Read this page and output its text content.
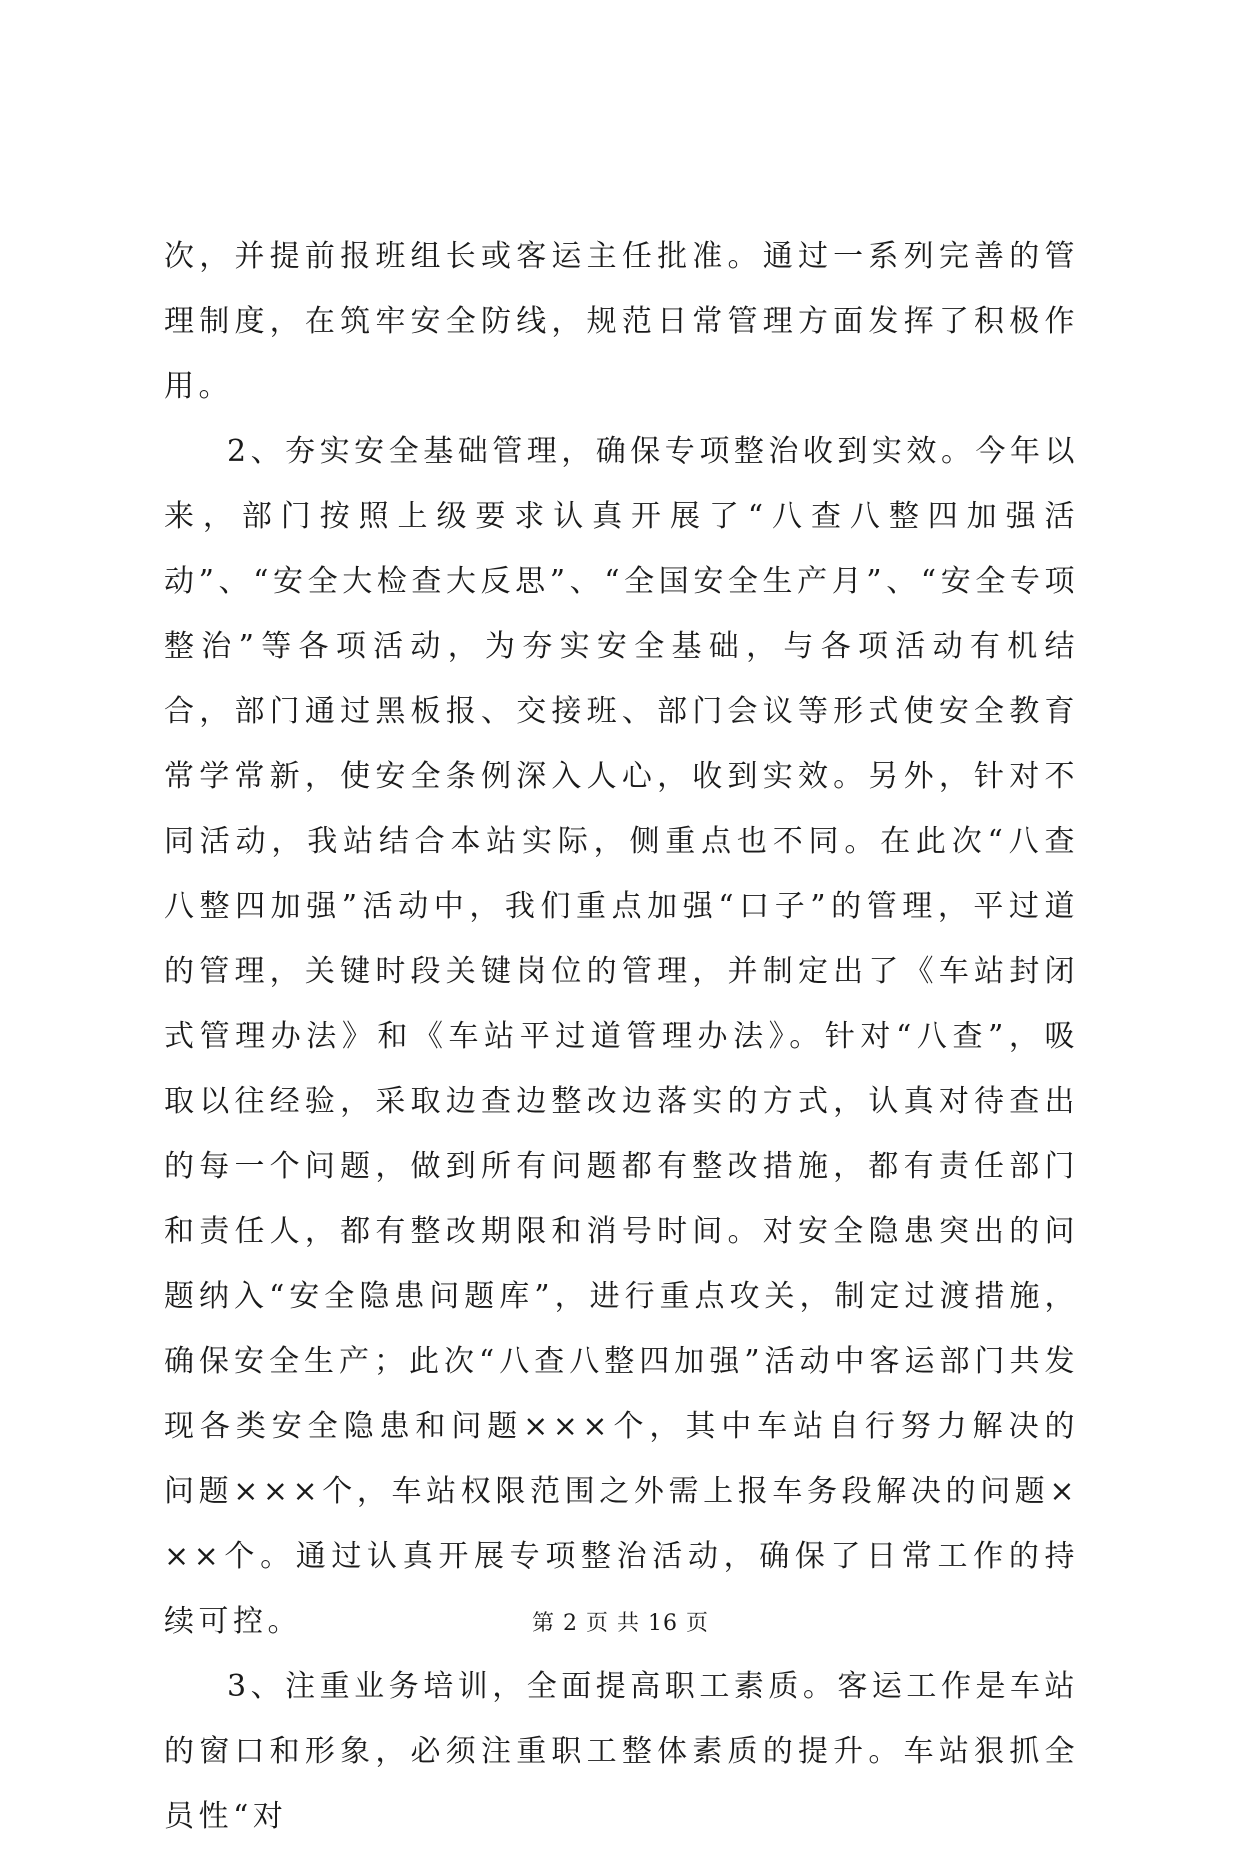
次，并提前报班组长或客运主任批准。通过一系列完善的管理制度，在筑牢安全防线，规范日常管理方面发挥了积极作用。

2、夯实安全基础管理，确保专项整治收到实效。今年以来，部门按照上级要求认真开展了“八查八整四加强活动”、“安全大检查大反思”、“全国安全生产月”、“安全专项整治”等各项活动，为夯实安全基础，与各项活动有机结合，部门通过黑板报、交接班、部门会议等形式使安全教育常学常新，使安全条例深入人心，收到实效。另外，针对不同活动，我站结合本站实际，侧重点也不同。在此次“八查八整四加强”活动中，我们重点加强“口子”的管理，平过道的管理，关键时段关键岗位的管理，并制定出了《车站封闭式管理办法》和《车站平过道管理办法》。针对“八查”，吸取以往经验，采取边查边整改边落实的方式，认真对待查出的每一个问题，做到所有问题都有整改措施，都有责任部门和责任人，都有整改期限和消号时间。对安全隐患突出的问题纳入“安全隐患问题库”，进行重点攻关，制定过渡措施，确保安全生产；此次“八查八整四加强”活动中客运部门共发现各类安全隐患和问题×××个，其中车站自行努力解决的问题×××个，车站权限范围之外需上报车务段解决的问题×××个。通过认真开展专项整治活动，确保了日常工作的持续可控。

3、注重业务培训，全面提高职工素质。客运工作是车站的窗口和形象，必须注重职工整体素质的提升。车站狠抓全员性“对

第 2 页 共 16 页
